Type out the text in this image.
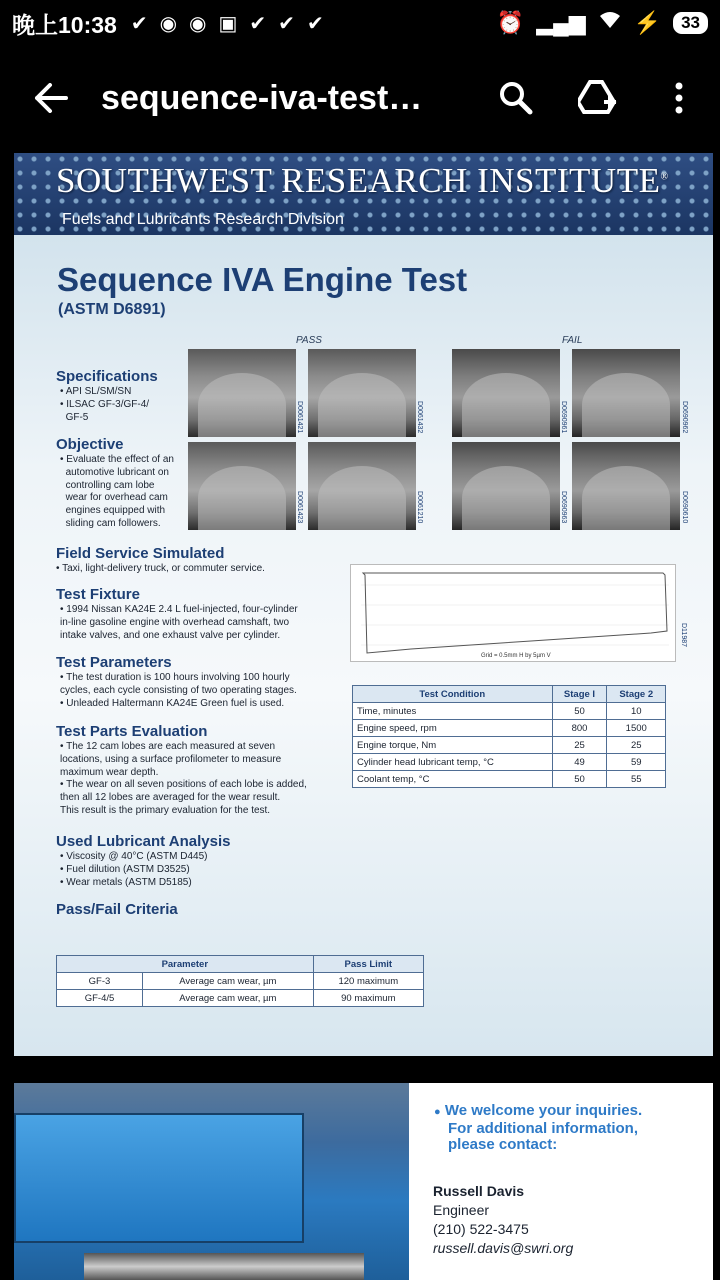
晚上10:38 ✔ ◉ ◉ ▣ ✔ ✔ ✔	⏰ ▂▄▆ ⚡	33
sequence-iva-test…
SOUTHWEST RESEARCH INSTITUTE®
Fuels and Lubricants Research Division
Sequence IVA Engine Test
(ASTM D6891)
Specifications
• API SL/SM/SN
• ILSAC GF-3/GF-4/
GF-5
Objective
• Evaluate the effect of an
automotive lubricant on
controlling cam lobe
wear for overhead cam
engines equipped with
sliding cam followers.
Field Service Simulated
• Taxi, light-delivery truck, or commuter service.
Test Fixture
• 1994 Nissan KA24E 2.4 L fuel-injected, four-cylinder
in-line gasoline engine with overhead camshaft, two
intake valves, and one exhaust valve per cylinder.
Test Parameters
• The test duration is 100 hours involving 100 hourly
cycles, each cycle consisting of two operating stages.
• Unleaded Haltermann KA24E Green fuel is used.
Test Parts Evaluation
• The 12 cam lobes are each measured at seven
locations, using a surface profilometer to measure
maximum wear depth.
• The wear on all seven positions of each lobe is added,
then all 12 lobes are averaged for the wear result.
This result is the primary evaluation for the test.
Used Lubricant Analysis
• Viscosity @ 40°C (ASTM D445)
• Fuel dilution (ASTM D3525)
• Wear metals (ASTM D5185)
Pass/Fail Criteria
PASS	FAIL
D0061421	D0061432	D0690961	D0690962
D0061423	D0061210	D0690963	D0690610
Grid = 0.5mm H by 5µm V
D11987
Test Condition	Stage I	Stage 2
Time, minutes	50	10
Engine speed, rpm	800	1500
Engine torque, Nm	25	25
Cylinder head lubricant temp, °C	49	59
Coolant temp, °C	50	55
Parameter		Pass Limit
GF-3	Average cam wear, µm	120 maximum
GF-4/5	Average cam wear, µm	90 maximum
● We welcome your inquiries.
For additional information,
please contact:
Russell Davis
Engineer
(210) 522-3475
russell.davis@swri.org
